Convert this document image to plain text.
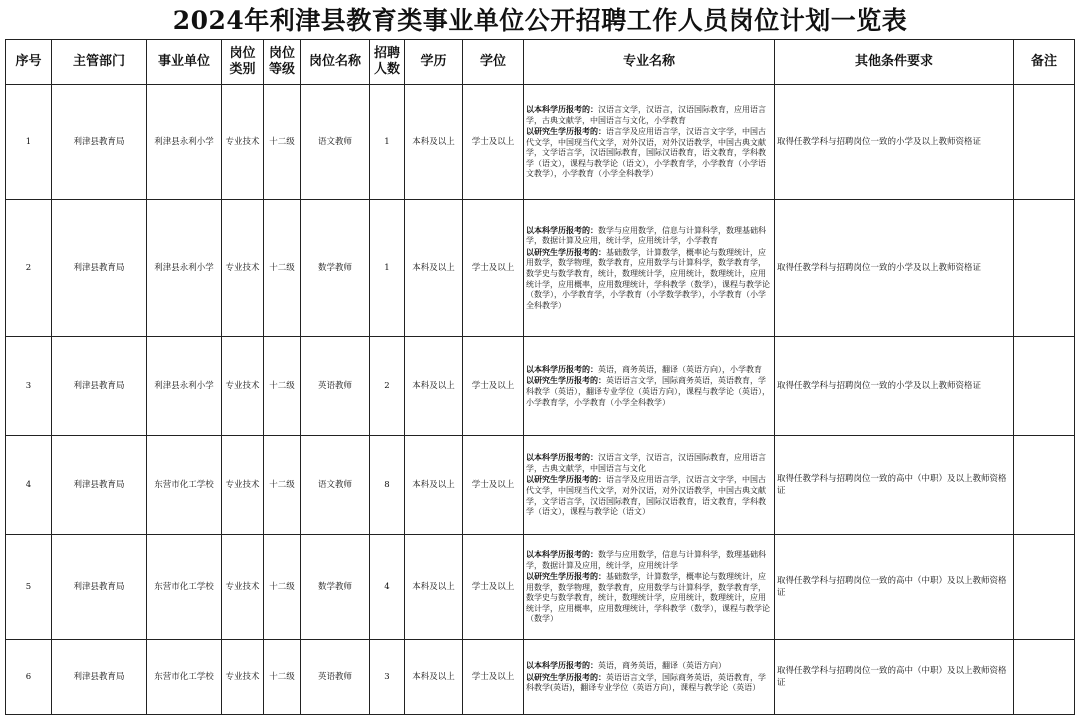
2024年利津县教育类事业单位公开招聘工作人员岗位计划一览表
序号	主管部门	事业单位	岗位类别	岗位等级	岗位名称	招聘人数	学历	学位	专业名称	其他条件要求	备注
1	利津县教育局	利津县永利小学	专业技术	十二级	语文教师	1	本科及以上	学士及以上	以本科学历报考的：汉语言文学，汉语言，汉语国际教育，应用语言学，古典文献学，中国语言与文化，小学教育
以研究生学历报考的：语言学及应用语言学，汉语言文字学，中国古代文学，中国现当代文学，对外汉语，对外汉语教学，中国古典文献学，文学语言学，汉语国际教育，国际汉语教育，语文教育，学科教学（语文），课程与教学论（语文），小学教育学，小学教育（小学语文教学），小学教育（小学全科教学）	取得任教学科与招聘岗位一致的小学及以上教师资格证	
2	利津县教育局	利津县永利小学	专业技术	十二级	数学教师	1	本科及以上	学士及以上	以本科学历报考的：数学与应用数学，信息与计算科学，数理基础科学，数据计算及应用，统计学，应用统计学，小学教育
以研究生学历报考的：基础数学，计算数学，概率论与数理统计，应用数学，数学物理，数学教育，应用数学与计算科学，数学教育学，数学史与数学教育，统计，数理统计学，应用统计，数理统计，应用统计学，应用概率，应用数理统计，学科教学（数学），课程与教学论（数学），小学教育学，小学教育（小学数学教学），小学教育（小学全科教学）	取得任教学科与招聘岗位一致的小学及以上教师资格证	
3	利津县教育局	利津县永利小学	专业技术	十二级	英语教师	2	本科及以上	学士及以上	以本科学历报考的：英语，商务英语，翻译（英语方向），小学教育
以研究生学历报考的：英语语言文学，国际商务英语，英语教育，学科教学（英语），翻译专业学位（英语方向），课程与教学论（英语），小学教育学，小学教育（小学全科教学）	取得任教学科与招聘岗位一致的小学及以上教师资格证	
4	利津县教育局	东营市化工学校	专业技术	十二级	语文教师	8	本科及以上	学士及以上	以本科学历报考的：汉语言文学，汉语言，汉语国际教育，应用语言学，古典文献学，中国语言与文化
以研究生学历报考的：语言学及应用语言学，汉语言文字学，中国古代文学，中国现当代文学，对外汉语，对外汉语教学，中国古典文献学，文学语言学，汉语国际教育，国际汉语教育，语文教育，学科教学（语文），课程与教学论（语文）	取得任教学科与招聘岗位一致的高中（中职）及以上教师资格证	
5	利津县教育局	东营市化工学校	专业技术	十二级	数学教师	4	本科及以上	学士及以上	以本科学历报考的：数学与应用数学，信息与计算科学，数理基础科学，数据计算及应用，统计学，应用统计学
以研究生学历报考的：基础数学，计算数学，概率论与数理统计，应用数学，数学物理，数学教育，应用数学与计算科学，数学教育学，数学史与数学教育，统计，数理统计学，应用统计，数理统计，应用统计学，应用概率，应用数理统计，学科教学（数学），课程与教学论（数学）	取得任教学科与招聘岗位一致的高中（中职）及以上教师资格证	
6	利津县教育局	东营市化工学校	专业技术	十二级	英语教师	3	本科及以上	学士及以上	以本科学历报考的：英语，商务英语，翻译（英语方向）
以研究生学历报考的：英语语言文学，国际商务英语，英语教育，学科教学(英语)，翻译专业学位（英语方向），课程与教学论（英语）	取得任教学科与招聘岗位一致的高中（中职）及以上教师资格证	
